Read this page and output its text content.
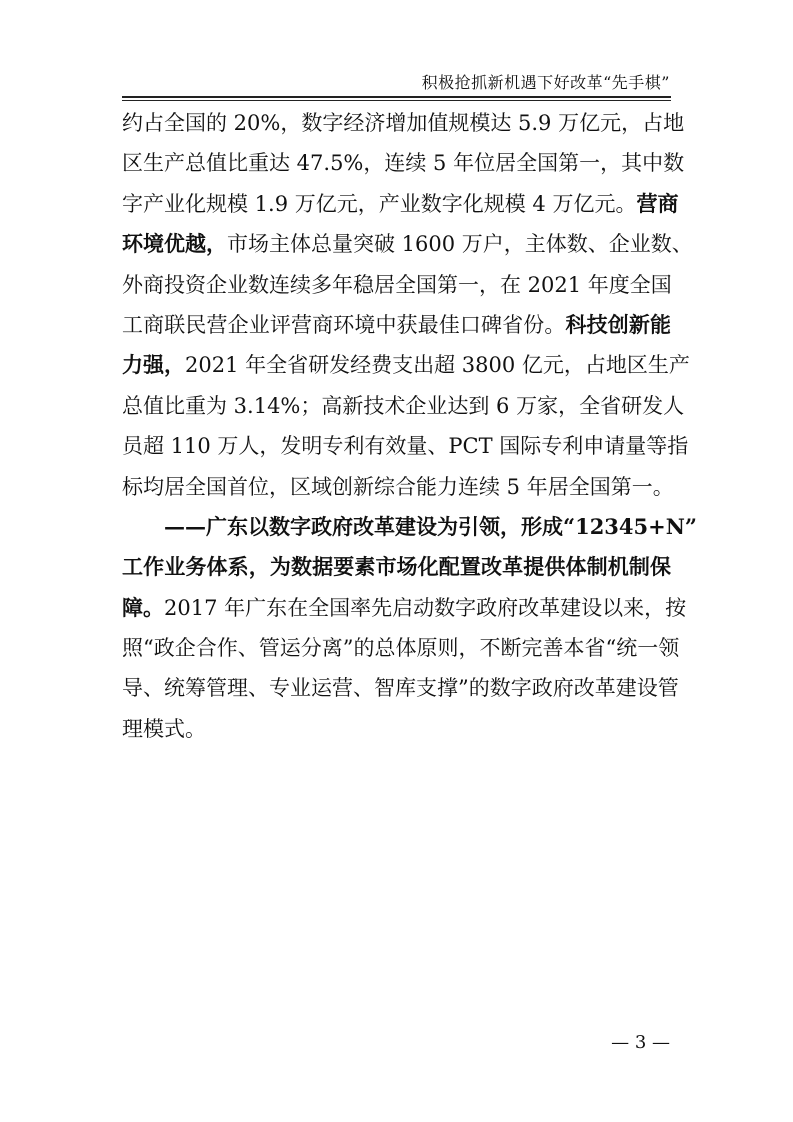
积极抢抓新机遇下好改革“先手棋”
约占全国的 20%，数字经济增加值规模达 5.9 万亿元，占地
区生产总值比重达 47.5%，连续 5 年位居全国第一，其中数
字产业化规模 1.9 万亿元，产业数字化规模 4 万亿元。营商
环境优越，市场主体总量突破 1600 万户，主体数、企业数、
外商投资企业数连续多年稳居全国第一，在 2021 年度全国
工商联民营企业评营商环境中获最佳口碑省份。科技创新能
力强，2021 年全省研发经费支出超 3800 亿元，占地区生产
总值比重为 3.14%；高新技术企业达到 6 万家，全省研发人
员超 110 万人，发明专利有效量、PCT 国际专利申请量等指
标均居全国首位，区域创新综合能力连续 5 年居全国第一。
——广东以数字政府改革建设为引领，形成“12345+N”
工作业务体系，为数据要素市场化配置改革提供体制机制保
障。2017 年广东在全国率先启动数字政府改革建设以来，按
照“政企合作、管运分离”的总体原则，不断完善本省“统一领
导、统筹管理、专业运营、智库支撑”的数字政府改革建设管
理模式。
— 3 —
